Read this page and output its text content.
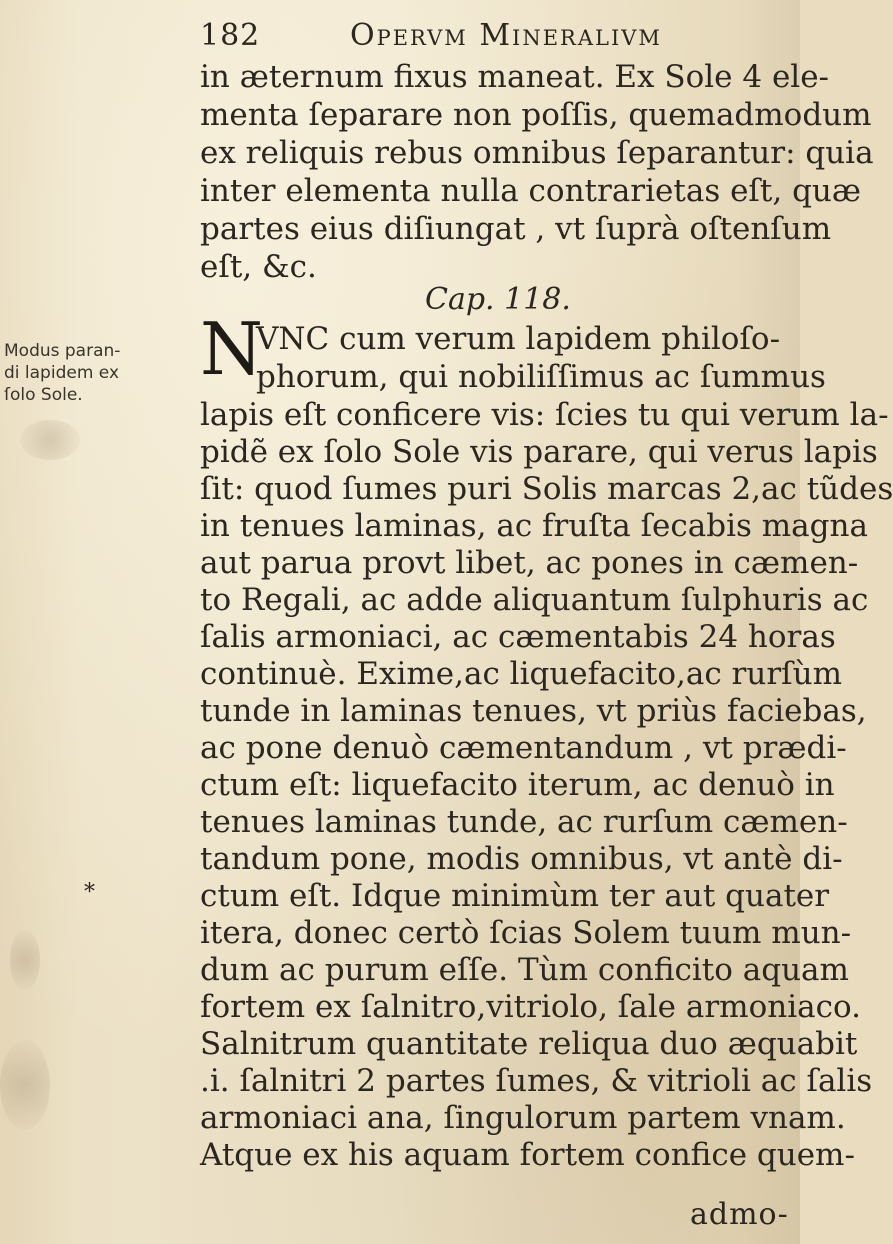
182	Opervm Mineralivm
in æternum fixus maneat. Ex Sole 4 ele-
menta ſeparare non poſſis, quemadmodum
ex reliquis rebus omnibus ſeparantur: quia
inter elementa nulla contrarietas eſt, quæ
partes eius diſiungat , vt ſuprà oſtenſum
eſt, &c.
Cap. 118.
N
VNC cum verum lapidem philoſo-
phorum, qui nobiliſſimus ac ſummus
lapis eſt conficere vis: ſcies tu qui verum la-
pidẽ ex ſolo Sole vis parare, qui verus lapis
ſit: quod ſumes puri Solis marcas 2,ac tũdes
in tenues laminas, ac fruſta ſecabis magna
aut parua provt libet, ac pones in cæmen-
to Regali, ac adde aliquantum ſulphuris ac
ſalis armoniaci, ac cæmentabis 24 horas
continuè. Exime,ac liquefacito,ac rurſùm
tunde in laminas tenues, vt priùs faciebas,
ac pone denuò cæmentandum , vt prædi-
ctum eſt: liquefacito iterum, ac denuò in
tenues laminas tunde, ac rurſum cæmen-
tandum pone, modis omnibus, vt antè di-
ctum eſt. Idque minimùm ter aut quater
itera, donec certò ſcias Solem tuum mun-
dum ac purum eſſe. Tùm conficito aquam
fortem ex ſalnitro,vitriolo, ſale armoniaco.
Salnitrum quantitate reliqua duo æquabit
.i. ſalnitri 2 partes ſumes, & vitrioli ac ſalis
armoniaci ana, ſingulorum partem vnam.
Atque ex his aquam fortem confice quem-
admo-
Modus paran-
di lapidem ex
ſolo Sole.
*
